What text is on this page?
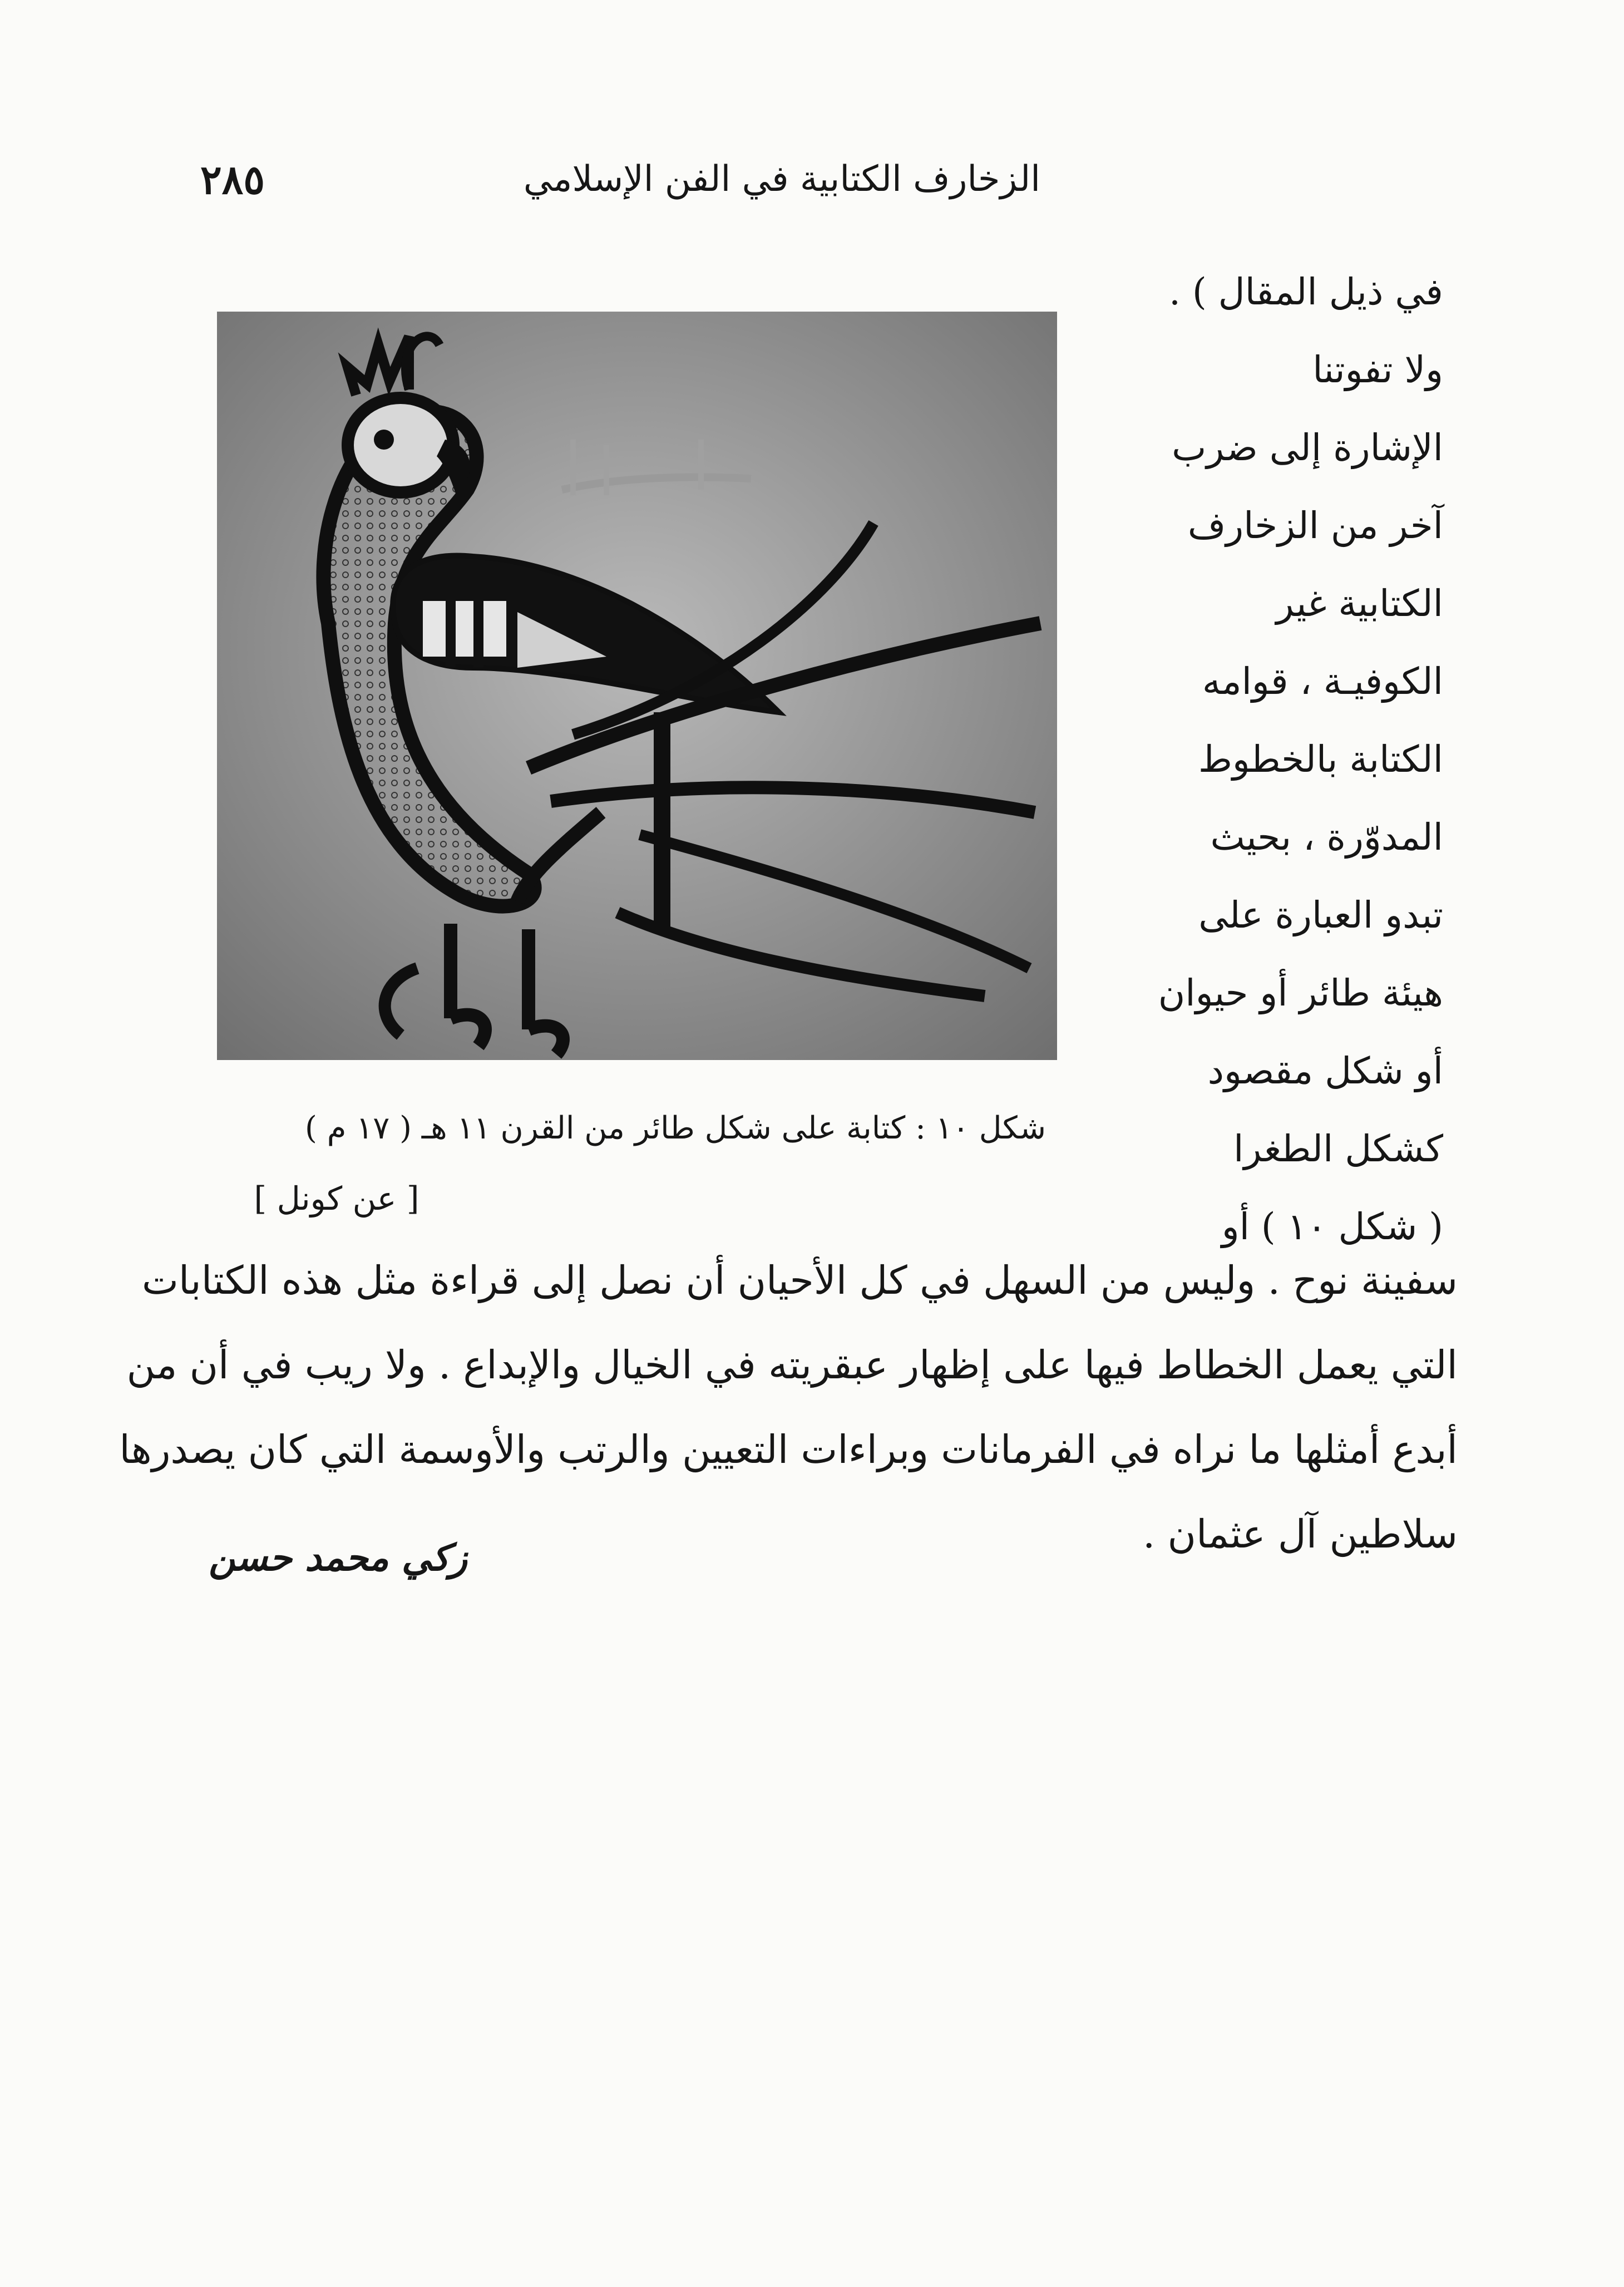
الزخارف الكتابية في الفن الإسلامي
٢٨٥
في ذيل المقال ) .
ولا تفوتنا
الإشارة إلى ضرب
آخر من الزخارف
الكتابية غير
الكوفيـة ، قوامه
الكتابة بالخطوط
المدوّرة ، بحيث
تبدو العبارة على
هيئة طائر أو حيوان
أو شكل مقصود
كشكل الطغرا
( شكل ١٠ ) أو
شكل ١٠ : كتابة على شكل طائر من القرن ١١ هـ ( ١٧ م )
[ عن كونل ]
سفينة نوح . وليس من السهل في كل الأحيان أن نصل إلى قراءة مثل هذه الكتابات
التي يعمل الخطاط فيها على إظهار عبقريته في الخيال والإبداع . ولا ريب في أن من
أبدع أمثلها ما نراه في الفرمانات وبراءات التعيين والرتب والأوسمة التي كان يصدرها
سلاطين آل عثمان .
زكي محمد حسن
